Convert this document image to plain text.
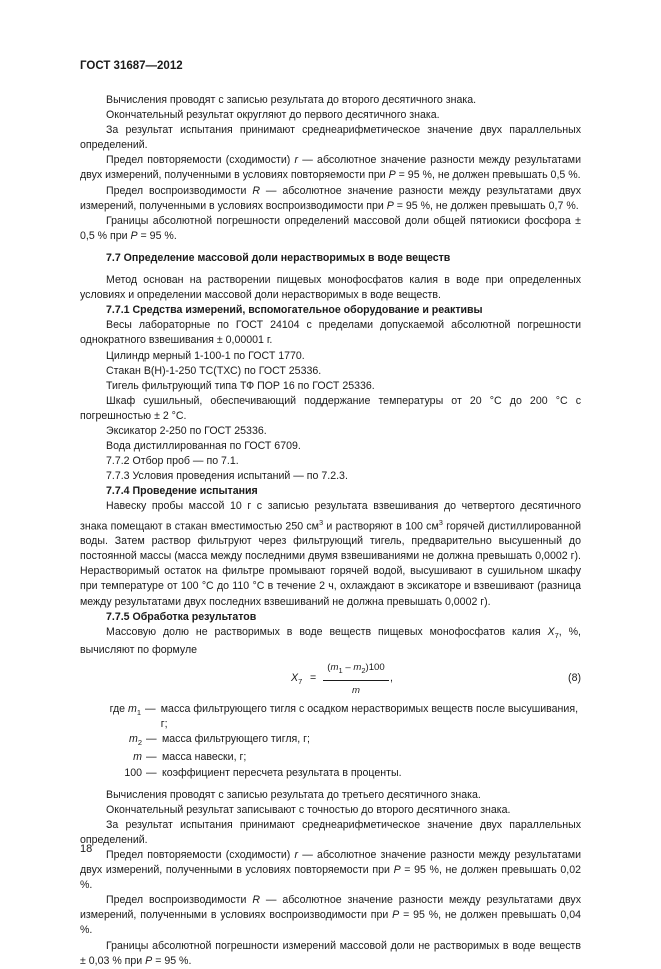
ГОСТ 31687—2012

Вычисления проводят с записью результата до второго десятичного знака.

Окончательный результат округляют до первого десятичного знака.

За результат испытания принимают среднеарифметическое значение двух параллельных определений.

Предел повторяемости (сходимости) r — абсолютное значение разности между результатами двух измерений, полученными в условиях повторяемости при P = 95 %, не должен превышать 0,5 %.

Предел воспроизводимости R — абсолютное значение разности между результатами двух измерений, полученными в условиях воспроизводимости при P = 95 %, не должен превышать 0,7 %.

Границы абсолютной погрешности определений массовой доли общей пятиокиси фосфора ± 0,5 % при P = 95 %.

7.7 Определение массовой доли нерастворимых в воде веществ

Метод основан на растворении пищевых монофосфатов калия в воде при определенных условиях и определении массовой доли нерастворимых в воде веществ.

7.7.1 Средства измерений, вспомогательное оборудование и реактивы

Весы лабораторные по ГОСТ 24104 с пределами допускаемой абсолютной погрешности однократного взвешивания ± 0,00001 г.

Цилиндр мерный 1-100-1 по ГОСТ 1770.

Стакан В(Н)-1-250 ТС(ТХС) по ГОСТ 25336.

Тигель фильтрующий типа ТФ ПОР 16 по ГОСТ 25336.

Шкаф сушильный, обеспечивающий поддержание температуры от 20 °С до 200 °С с погрешностью ± 2 °С.

Эксикатор 2-250 по ГОСТ 25336.

Вода дистиллированная по ГОСТ 6709.

7.7.2 Отбор проб — по 7.1.

7.7.3 Условия проведения испытаний — по 7.2.3.

7.7.4 Проведение испытания

Навеску пробы массой 10 г с записью результата взвешивания до четвертого десятичного знака помещают в стакан вместимостью 250 $см^3$ и растворяют в 100 $см^3$ горячей дистиллированной воды. Затем раствор фильтруют через фильтрующий тигель, предварительно высушенный до постоянной массы (масса между последними двумя взвешиваниями не должна превышать 0,0002 г). Нерастворимый остаток на фильтре промывают горячей водой, высушивают в сушильном шкафу при температуре от 100 °С до 110 °С в течение 2 ч, охлаждают в эксикаторе и взвешивают (разница между результатами двух последних взвешиваний не должна превышать 0,0002 г).

7.7.5 Обработка результатов

Массовую долю не растворимых в воде веществ пищевых монофосфатов калия $X_7$, %, вычисляют по формуле

$X_7 = \frac{(m_1 - m_2)100}{m}$ ,	(8)

где $m_1$ — масса фильтрующего тигля с осадком нерастворимых веществ после высушивания, г;

$m_2$ — масса фильтрующего тигля, г;

m — масса навески, г;

100 — коэффициент пересчета результата в проценты.

Вычисления проводят с записью результата до третьего десятичного знака.

Окончательный результат записывают с точностью до второго десятичного знака.

За результат испытания принимают среднеарифметическое значение двух параллельных определений.

Предел повторяемости (сходимости) r — абсолютное значение разности между результатами двух измерений, полученными в условиях повторяемости при P = 95 %, не должен превышать 0,02 %.

Предел воспроизводимости R — абсолютное значение разности между результатами двух измерений, полученными в условиях воспроизводимости при P = 95 %, не должен превышать 0,04 %.

Границы абсолютной погрешности измерений массовой доли не растворимых в воде веществ ± 0,03 % при P = 95 %.

18
